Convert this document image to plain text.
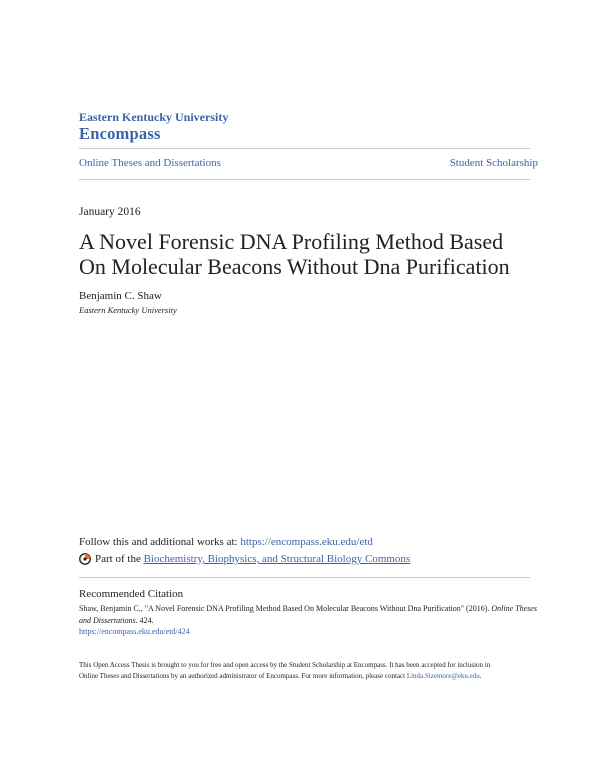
Eastern Kentucky University
Encompass
Online Theses and Dissertations	Student Scholarship
January 2016
A Novel Forensic DNA Profiling Method Based
On Molecular Beacons Without Dna Purification
Benjamin C. Shaw
Eastern Kentucky University
Follow this and additional works at: https://encompass.eku.edu/etd
Part of the
Biochemistry, Biophysics, and Structural Biology Commons
Recommended Citation
Shaw, Benjamin C., "A Novel Forensic DNA Profiling Method Based On Molecular Beacons Without Dna Purification" (2016). Online Theses and Dissertations. 424.
https://encompass.eku.edu/etd/424
This Open Access Thesis is brought to you for free and open access by the Student Scholarship at Encompass. It has been accepted for inclusion in
Online Theses and Dissertations by an authorized administrator of Encompass. For more information, please contact Linda.Sizemore@eku.edu.
